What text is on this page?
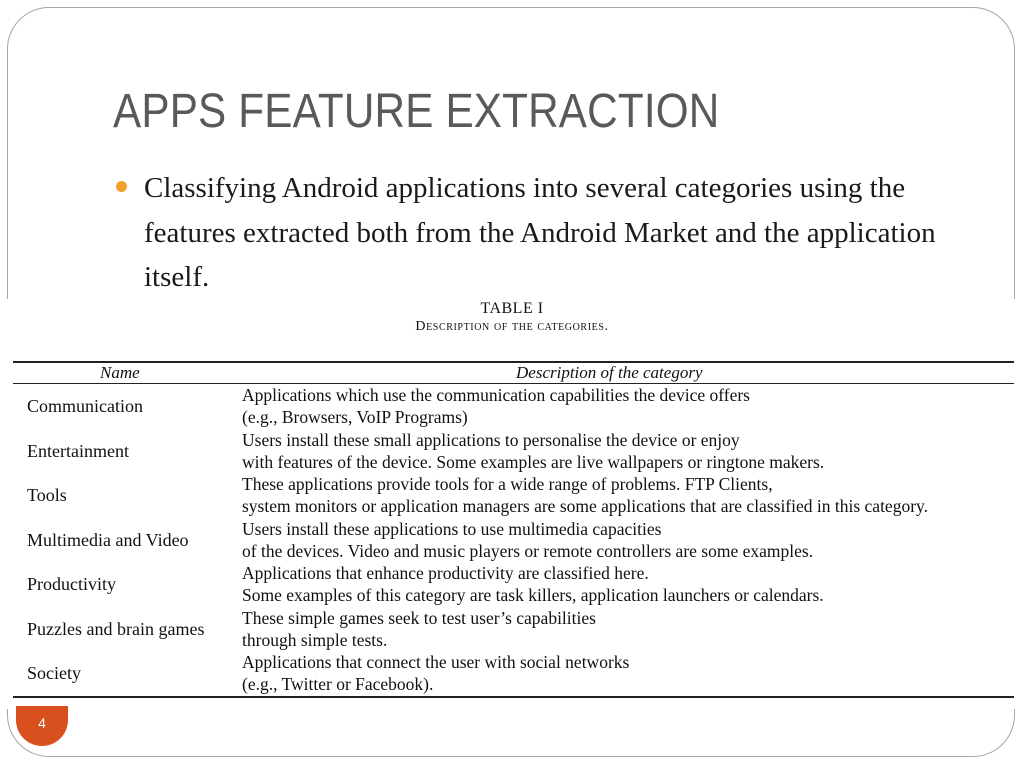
APPS FEATURE EXTRACTION

Classifying Android applications into several categories using the features extracted both from the Android Market and the application itself.

TABLE I
Description of the categories.
Name	Description of the category
Communication
Applications which use the communication capabilities the device offers
(e.g., Browsers, VoIP Programs)
Entertainment
Users install these small applications to personalise the device or enjoy
with features of the device. Some examples are live wallpapers or ringtone makers.
Tools
These applications provide tools for a wide range of problems. FTP Clients,
system monitors or application managers are some applications that are classified in this category.
Multimedia and Video
Users install these applications to use multimedia capacities
of the devices. Video and music players or remote controllers are some examples.
Productivity
Applications that enhance productivity are classified here.
Some examples of this category are task killers, application launchers or calendars.
Puzzles and brain games
These simple games seek to test user’s capabilities
through simple tests.
Society
Applications that connect the user with social networks
(e.g., Twitter or Facebook).
4
